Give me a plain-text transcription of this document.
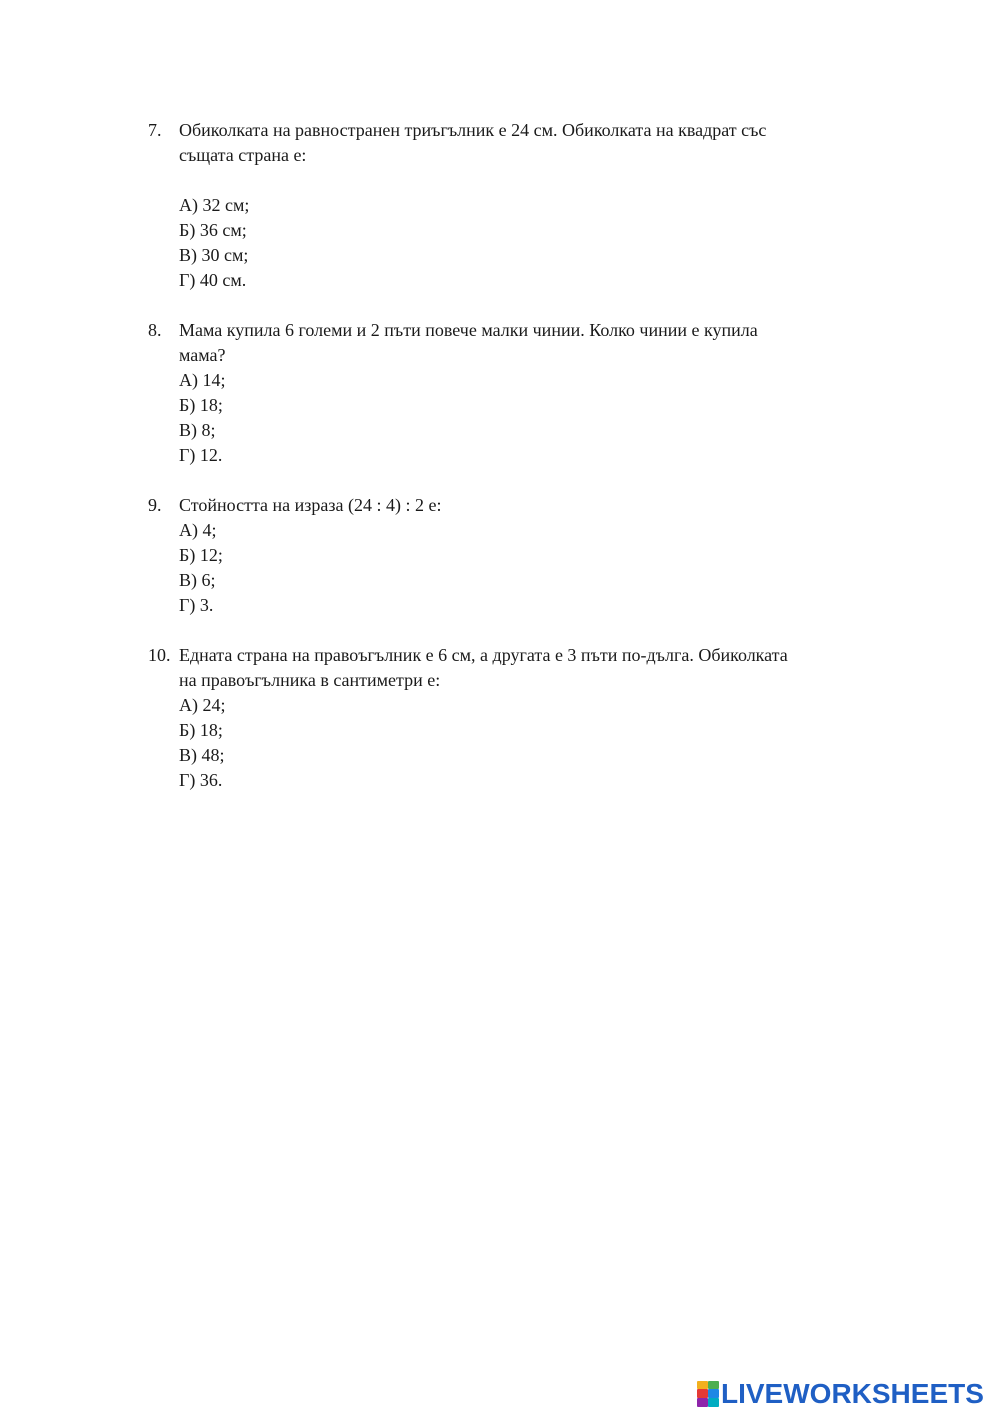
7. Обиколката на равностранен триъгълник е 24 см. Обиколката на квадрат със
същата страна е:
А) 32 см;
Б) 36 см;
В) 30 см;
Г) 40 см.
8. Мама купила 6 големи и 2 пъти повече малки чинии. Колко чинии е купила
мама?
А) 14;
Б) 18;
В) 8;
Г) 12.
9. Стойността на израза (24 : 4) : 2 е:
А) 4;
Б) 12;
В) 6;
Г) 3.
10. Едната страна на правоъгълник е 6 см, а другата е 3 пъти по-дълга. Обиколката
на правоъгълника в сантиметри е:
А) 24;
Б) 18;
В) 48;
Г) 36.
LIVEWORKSHEETS
